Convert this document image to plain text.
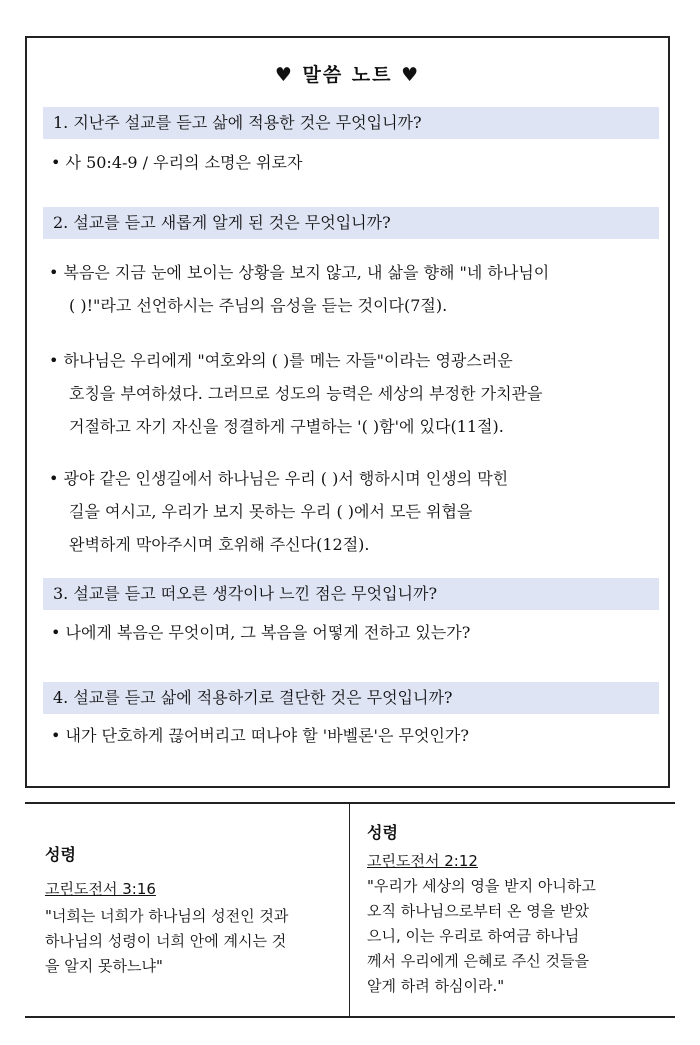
♥ 말씀 노트 ♥
1. 지난주 설교를 듣고 삶에 적용한 것은 무엇입니까?
• 사 50:4-9 / 우리의 소명은 위로자
2. 설교를 듣고 새롭게 알게 된 것은 무엇입니까?
• 복음은 지금 눈에 보이는 상황을 보지 않고, 내 삶을 향해 "네 하나님이
( )!"라고 선언하시는 주님의 음성을 듣는 것이다(7절).
• 하나님은 우리에게 "여호와의 ( )를 메는 자들"이라는 영광스러운
호칭을 부여하셨다. 그러므로 성도의 능력은 세상의 부정한 가치관을
거절하고 자기 자신을 정결하게 구별하는 '( )함'에 있다(11절).
• 광야 같은 인생길에서 하나님은 우리 ( )서 행하시며 인생의 막힌
길을 여시고, 우리가 보지 못하는 우리 ( )에서 모든 위협을
완벽하게 막아주시며 호위해 주신다(12절).
3. 설교를 듣고 떠오른 생각이나 느낀 점은 무엇입니까?
• 나에게 복음은 무엇이며, 그 복음을 어떻게 전하고 있는가?
4. 설교를 듣고 삶에 적용하기로 결단한 것은 무엇입니까?
• 내가 단호하게 끊어버리고 떠나야 할 '바벨론'은 무엇인가?
성령
고린도전서 3:16
"너희는 너희가 하나님의 성전인 것과
하나님의 성령이 너희 안에 계시는 것
을 알지 못하느냐"
성령
고린도전서 2:12
"우리가 세상의 영을 받지 아니하고
오직 하나님으로부터 온 영을 받았
으니, 이는 우리로 하여금 하나님
께서 우리에게 은혜로 주신 것들을
알게 하려 하심이라."
